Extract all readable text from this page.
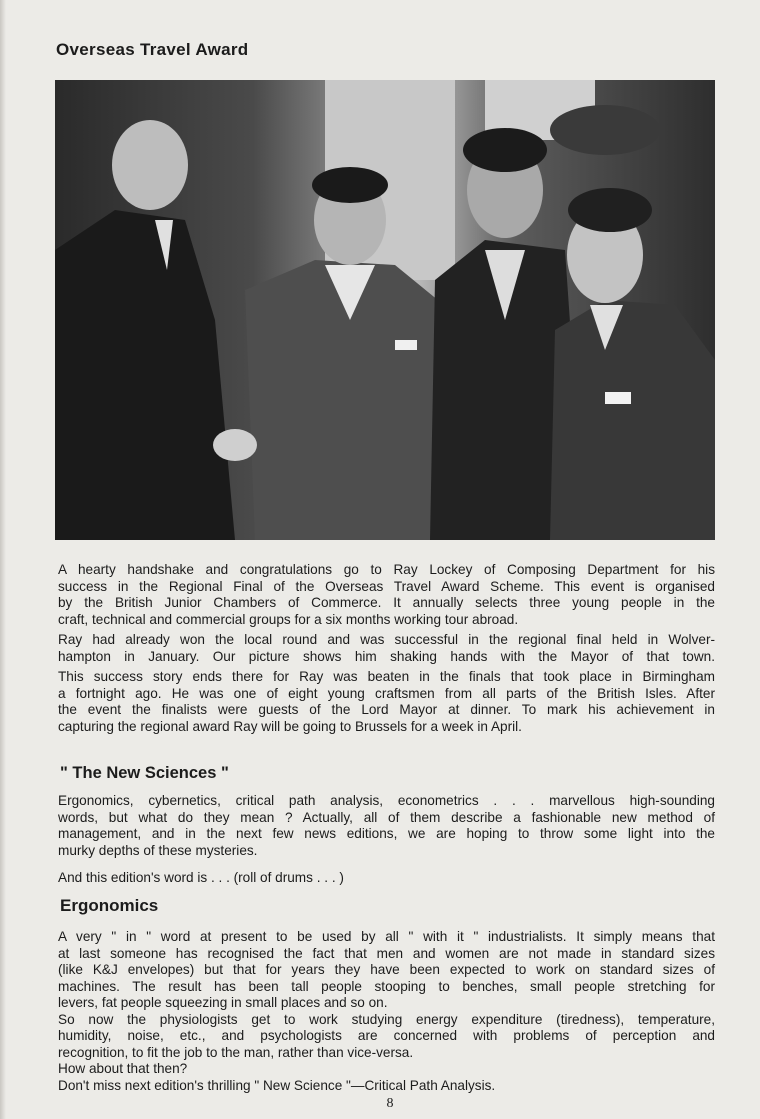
Overseas Travel Award
A hearty handshake and congratulations go to Ray Lockey of Composing Department for his
success in the Regional Final of the Overseas Travel Award Scheme. This event is organised
by the British Junior Chambers of Commerce. It annually selects three young people in the
craft, technical and commercial groups for a six months working tour abroad.
Ray had already won the local round and was successful in the regional final held in Wolver-
hampton in January. Our picture shows him shaking hands with the Mayor of that town.
This success story ends there for Ray was beaten in the finals that took place in Birmingham
a fortnight ago. He was one of eight young craftsmen from all parts of the British Isles. After
the event the finalists were guests of the Lord Mayor at dinner. To mark his achievement in
capturing the regional award Ray will be going to Brussels for a week in April.
" The New Sciences "
Ergonomics, cybernetics, critical path analysis, econometrics . . . marvellous high-sounding
words, but what do they mean ? Actually, all of them describe a fashionable new method of
management, and in the next few news editions, we are hoping to throw some light into the
murky depths of these mysteries.
And this edition's word is . . . (roll of drums . . . )
Ergonomics
A very " in " word at present to be used by all " with it " industrialists. It simply means that
at last someone has recognised the fact that men and women are not made in standard sizes
(like K&J envelopes) but that for years they have been expected to work on standard sizes of
machines. The result has been tall people stooping to benches, small people stretching for
levers, fat people squeezing in small places and so on.
So now the physiologists get to work studying energy expenditure (tiredness), temperature,
humidity, noise, etc., and psychologists are concerned with problems of perception and
recognition, to fit the job to the man, rather than vice-versa.
How about that then?
Don't miss next edition's thrilling " New Science "—Critical Path Analysis.
8
